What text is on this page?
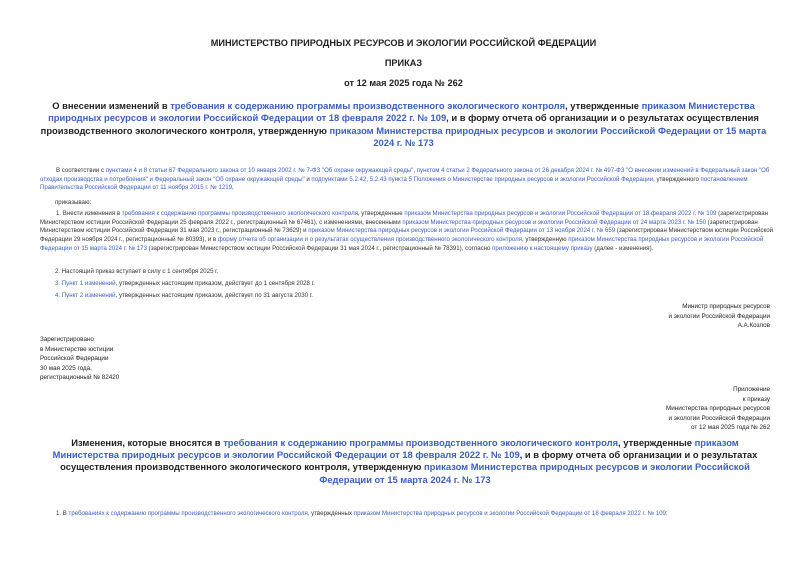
МИНИСТЕРСТВО ПРИРОДНЫХ РЕСУРСОВ И ЭКОЛОГИИ РОССИЙСКОЙ ФЕДЕРАЦИИ
ПРИКАЗ
от 12 мая 2025 года № 262
О внесении изменений в требования к содержанию программы производственного экологического контроля, утвержденные приказом Министерства природных ресурсов и экологии Российской Федерации от 18 февраля 2022 г. № 109, и в форму отчета об организации и о результатах осуществления производственного экологического контроля, утвержденную приказом Министерства природных ресурсов и экологии Российской Федерации от 15 марта 2024 г. № 173
В соответствии с пунктами 4 и 8 статьи 67 Федерального закона от 10 января 2002 г. № 7-ФЗ "Об охране окружающей среды", пунктом 4 статьи 2 Федерального закона от 26 декабря 2024 г. № 497-ФЗ "О внесении изменений в Федеральный закон "Об отходах производства и потребления" и Федеральный закон "Об охране окружающей среды" и подпунктами 5.2.42, 5.2.43 пункта 5 Положения о Министерстве природных ресурсов и экологии Российской Федерации, утвержденного постановлением Правительства Российской Федерации от 11 ноября 2015 г. № 1219,
приказываю:
1. Внести изменения в требования к содержанию программы производственного экологического контроля, утвержденные приказом Министерства природных ресурсов и экологии Российской Федерации от 18 февраля 2022 г. № 109 (зарегистрирован Министерством юстиции Российской Федерации 25 февраля 2022 г., регистрационный № 67461), с изменениями, внесенными приказом Министерства природных ресурсов и экологии Российской Федерации от 24 марта 2023 г. № 150 (зарегистрирован Министерством юстиции Российской Федерации 31 мая 2023 г., регистрационный № 73629) и приказом Министерства природных ресурсов и экологии Российской Федерации от 13 ноября 2024 г. № 659 (зарегистрирован Министерством юстиции Российской Федерации 29 ноября 2024 г., регистрационный № 80393), и в форму отчета об организации и о результатах осуществления производственного экологического контроля, утвержденную приказом Министерства природных ресурсов и экологии Российской Федерации от 15 марта 2024 г. № 173 (зарегистрирован Министерством юстиции Российской Федерации 31 мая 2024 г., регистрационный № 78391), согласно приложению к настоящему приказу (далее - изменения).
2. Настоящий приказ вступает в силу с 1 сентября 2025 г.
3. Пункт 1 изменений, утвержденных настоящим приказом, действует до 1 сентября 2028 г.
4. Пункт 2 изменений, утвержденных настоящим приказом, действует по 31 августа 2030 г.
Министр природных ресурсов
и экологии Российской Федерации
А.А.Козлов
Зарегистрировано
в Министерстве юстиции
Российской Федерации
30 мая 2025 года,
регистрационный № 82420
Приложение
к приказу
Министерства природных ресурсов
и экологии Российской Федерации
от 12 мая 2025 года № 262
Изменения, которые вносятся в требования к содержанию программы производственного экологического контроля, утвержденные приказом Министерства природных ресурсов и экологии Российской Федерации от 18 февраля 2022 г. № 109, и в форму отчета об организации и о результатах осуществления производственного экологического контроля, утвержденную приказом Министерства природных ресурсов и экологии Российской Федерации от 15 марта 2024 г. № 173
1. В требованиях к содержанию программы производственного экологического контроля, утвержденных приказом Министерства природных ресурсов и экологии Российской Федерации от 18 февраля 2022 г. № 109:
